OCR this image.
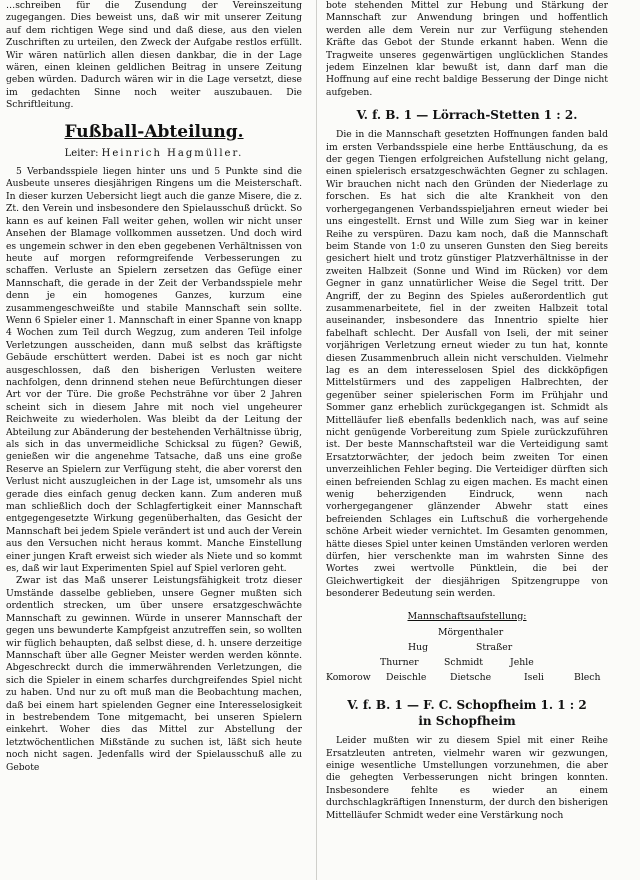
…schreiben für die Zusendung der Vereinszeitung zugegangen. Dies beweist uns, daß wir mit unserer Zeitung auf dem richtigen Wege sind und daß diese, aus den vielen Zuschriften zu urteilen, den Zweck der Aufgabe restlos erfüllt. Wir wären natürlich allen diesen dankbar, die in der Lage wären, einen kleinen geldlichen Beitrag in unsere Zeitung geben würden. Dadurch wären wir in die Lage versetzt, diese im gedachten Sinne noch weiter auszubauen. Die Schriftleitung.

Fußball-Abteilung.
Leiter: Heinrich Hagmüller.

5 Verbandsspiele liegen hinter uns und 5 Punkte sind die Ausbeute unseres diesjährigen Ringens um die Meisterschaft. In dieser kurzen Uebersicht liegt auch die ganze Misere, die z. Zt. den Verein und insbesondere den Spielausschuß drückt. So kann es auf keinen Fall weiter gehen, wollen wir nicht unser Ansehen der Blamage vollkommen aussetzen. Und doch wird es ungemein schwer in den eben gegebenen Verhältnissen von heute auf morgen reformgreifende Verbesserungen zu schaffen. Verluste an Spielern zersetzen das Gefüge einer Mannschaft, die gerade in der Zeit der Verbandsspiele mehr denn je ein homogenes Ganzes, kurzum eine zusammengeschweißte und stabile Mannschaft sein sollte. Wenn 6 Spieler einer 1. Mannschaft in einer Spanne von knapp 4 Wochen zum Teil durch Wegzug, zum anderen Teil infolge Verletzungen ausscheiden, dann muß selbst das kräftigste Gebäude erschüttert werden. Dabei ist es noch gar nicht ausgeschlossen, daß den bisherigen Verlusten weitere nachfolgen, denn drinnend stehen neue Befürchtungen dieser Art vor der Türe. Die große Pechsträhne vor über 2 Jahren scheint sich in diesem Jahre mit noch viel ungeheurer Reichweite zu wiederholen. Was bleibt da der Leitung der Abteilung zur Abänderung der bestehenden Verhältnisse übrig, als sich in das unvermeidliche Schicksal zu fügen? Gewiß, genießen wir die angenehme Tatsache, daß uns eine große Reserve an Spielern zur Verfügung steht, die aber vorerst den Verlust nicht auszugleichen in der Lage ist, umsomehr als uns gerade dies einfach genug decken kann. Zum anderen muß man schließlich doch der Schlagfertigkeit einer Mannschaft entgegengesetzte Wirkung gegenüberhalten, das Gesicht der Mannschaft bei jedem Spiele verändert ist und auch der Verein aus den Versuchen nicht heraus kommt. Manche Einstellung einer jungen Kraft erweist sich wieder als Niete und so kommt es, daß wir laut Experimenten Spiel auf Spiel verloren geht.

Zwar ist das Maß unserer Leistungsfähigkeit trotz dieser Umstände dasselbe geblieben, unsere Gegner mußten sich ordentlich strecken, um über unsere ersatzgeschwächte Mannschaft zu gewinnen. Würde in unserer Mannschaft der gegen uns bewunderte Kampfgeist anzutreffen sein, so wollten wir füglich behaupten, daß selbst diese, d. h. unsere derzeitige Mannschaft über alle Gegner Meister werden werden könnte. Abgeschreckt durch die immerwährenden Verletzungen, die sich die Spieler in einem scharfes durchgreifendes Spiel nicht zu haben. Und nur zu oft muß man die Beobachtung machen, daß bei einem hart spielenden Gegner eine Interesselosigkeit in bestrebendem Tone mitgemacht, bei unseren Spielern einkehrt. Woher dies das Mittel zur Abstellung der letztwöchentlichen Mißstände zu suchen ist, läßt sich heute noch nicht sagen. Jedenfalls wird der Spielausschuß alle zu Gebote

bote stehenden Mittel zur Hebung und Stärkung der Mannschaft zur Anwendung bringen und hoffentlich werden alle dem Verein nur zur Verfügung stehenden Kräfte das Gebot der Stunde erkannt haben. Wenn die Tragweite unseres gegenwärtigen unglücklichen Standes jedem Einzelnen klar bewußt ist, dann darf man die Hoffnung auf eine recht baldige Besserung der Dinge nicht aufgeben.

V. f. B. 1 — Lörrach-Stetten 1 : 2.

Die in die Mannschaft gesetzten Hoffnungen fanden bald im ersten Verbandsspiele eine herbe Enttäuschung, da es der gegen Tiengen erfolgreichen Aufstellung nicht gelang, einen spielerisch ersatzgeschwächten Gegner zu schlagen. Wir brauchen nicht nach den Gründen der Niederlage zu forschen. Es hat sich die alte Krankheit von den vorhergegangenen Verbandsspieljahren erneut wieder bei uns eingestellt. Ernst und Wille zum Sieg war in keiner Reihe zu verspüren. Dazu kam noch, daß die Mannschaft beim Stande von 1:0 zu unseren Gunsten den Sieg bereits gesichert hielt und trotz günstiger Platzverhältnisse in der zweiten Halbzeit (Sonne und Wind im Rücken) vor dem Gegner in ganz unnatürlicher Weise die Segel tritt. Der Angriff, der zu Beginn des Spieles außerordentlich gut zusammenarbeitete, fiel in der zweiten Halbzeit total auseinander, insbesondere das Innentrio spielte hier fabelhaft schlecht. Der Ausfall von Iseli, der mit seiner vorjährigen Verletzung erneut wieder zu tun hat, konnte diesen Zusammenbruch allein nicht verschulden. Vielmehr lag es an dem interesselosen Spiel des dickköpfigen Mittelstürmers und des zappeligen Halbrechten, der gegenüber seiner spielerischen Form im Frühjahr und Sommer ganz erheblich zurückgegangen ist. Schmidt als Mittelläufer ließ ebenfalls bedenklich nach, was auf seine nicht genügende Vorbereitung zum Spiele zurückzuführen ist. Der beste Mannschaftsteil war die Verteidigung samt Ersatztorwächter, der jedoch beim zweiten Tor einen unverzeihlichen Fehler beging. Die Verteidiger dürften sich einen befreienden Schlag zu eigen machen. Es macht einen wenig beherzigenden Eindruck, wenn nach vorhergegangener glänzender Abwehr statt eines befreienden Schlages ein Luftschuß die vorhergehende schöne Arbeit wieder vernichtet. Im Gesamten genommen, hätte dieses Spiel unter keinen Umständen verloren werden dürfen, hier verschenkte man im wahrsten Sinne des Wortes zwei wertvolle Pünktlein, die bei der Gleichwertigkeit der diesjährigen Spitzengruppe von besonderer Bedeutung sein werden.

Mannschaftsaufstellung:
Mörgenthaler
Hug	Straßer
Thurner	Schmidt	Jehle
Komorow Deischle	Dietsche	Iseli	Blech
V. f. B. 1 — F. C. Schopfheim 1. 1 : 2
in Schopfheim

Leider mußten wir zu diesem Spiel mit einer Reihe Ersatzleuten antreten, vielmehr waren wir gezwungen, einige wesentliche Umstellungen vorzunehmen, die aber die gehegten Verbesserungen nicht bringen konnten. Insbesondere fehlte es wieder an einem durchschlagkräftigen Innensturm, der durch den bisherigen Mittelläufer Schmidt weder eine Verstärkung noch
